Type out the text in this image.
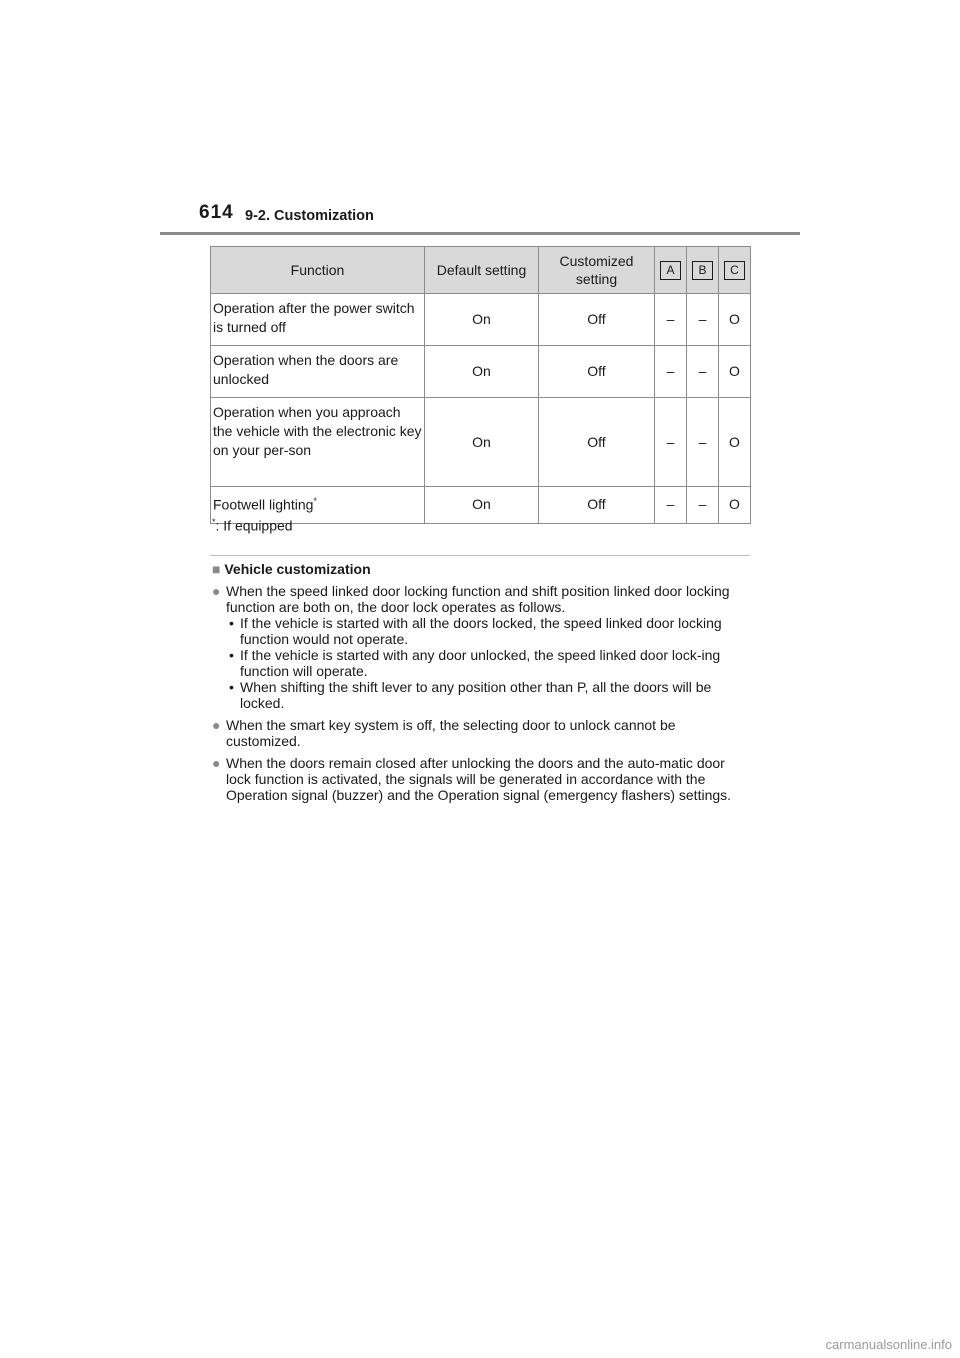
614 9-2. Customization
Function	Default setting	Customized setting	A	B	C
Operation after the power switch is turned off	On	Off	–	–	O
Operation when the doors are unlocked	On	Off	–	–	O
Operation when you approach the vehicle with the electronic key on your per-son	On	Off	–	–	O
Footwell lighting*	On	Off	–	–	O
*: If equipped
■ Vehicle customization
● When the speed linked door locking function and shift position linked door locking function are both on, the door lock operates as follows.
• If the vehicle is started with all the doors locked, the speed linked door locking function would not operate.
• If the vehicle is started with any door unlocked, the speed linked door lock-ing function will operate.
• When shifting the shift lever to any position other than P, all the doors will be locked.
● When the smart key system is off, the selecting door to unlock cannot be customized.
● When the doors remain closed after unlocking the doors and the auto-matic door lock function is activated, the signals will be generated in accordance with the Operation signal (buzzer) and the Operation signal (emergency flashers) settings.
carmanualsonline.info
